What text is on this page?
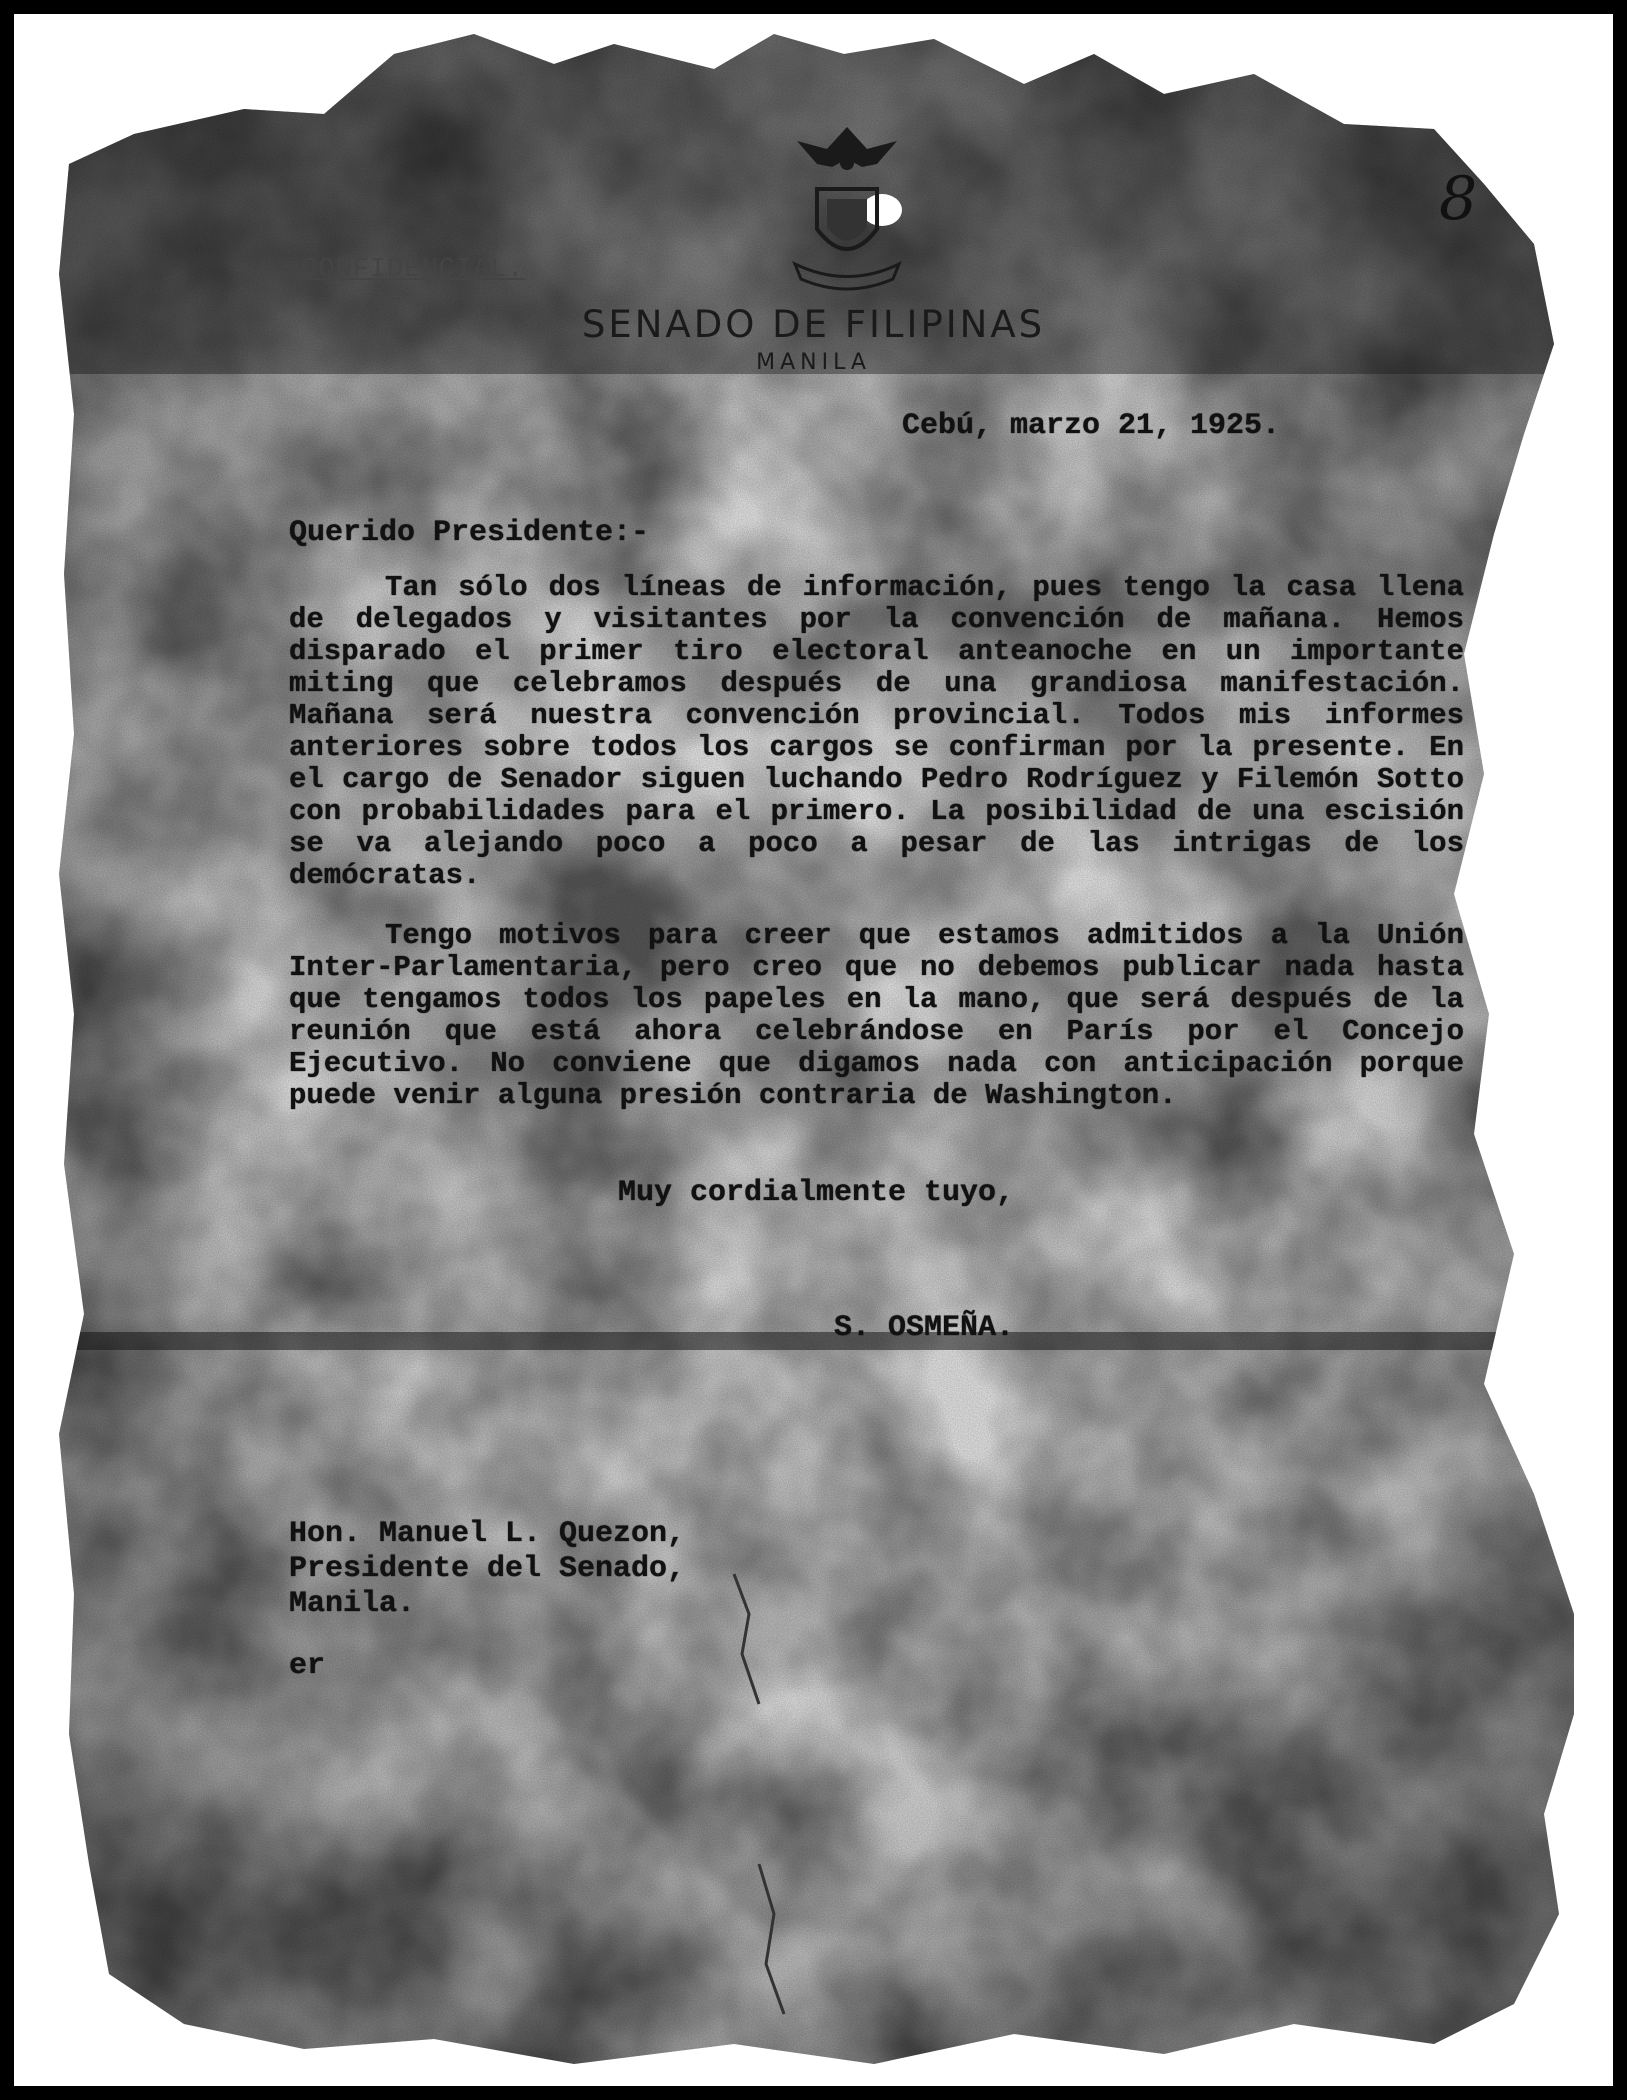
8
CONFIDENCIAL.
SENADO DE FILIPINAS
MANILA
Cebú, marzo 21, 1925.
Querido Presidente:-

Tan sólo dos líneas de información, pues tengo la casa llena de delegados y visitantes por la convención de mañana. Hemos disparado el primer tiro electoral anteanoche en un importante miting que celebramos después de una grandiosa manifestación. Mañana será nuestra convención provincial. Todos mis informes anteriores sobre todos los cargos se confirman por la presente. En el cargo de Senador siguen luchando Pedro Rodríguez y Filemón Sotto con probabilidades para el primero. La posibilidad de una escisión se va alejando poco a poco a pesar de las intrigas de los demócratas.

Tengo motivos para creer que estamos admitidos a la Unión Inter-Parlamentaria, pero creo que no debemos publicar nada hasta que tengamos todos los papeles en la mano, que será después de la reunión que está ahora celebrándose en París por el Concejo Ejecutivo. No conviene que digamos nada con anticipación porque puede venir alguna presión contraria de Washington.

Muy cordialmente tuyo,
S. OSMEÑA.
Hon. Manuel L. Quezon,
Presidente del Senado,
Manila.
er
